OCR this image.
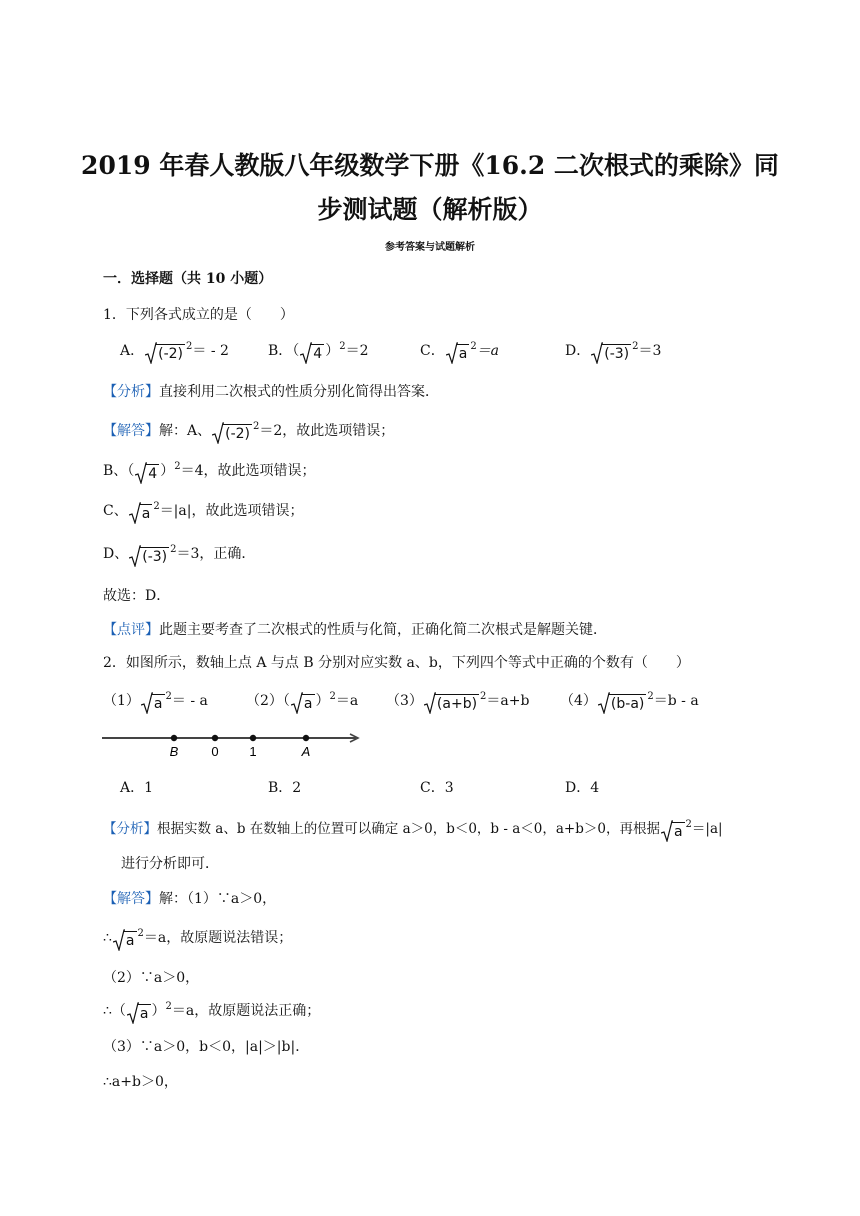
2019 年春人教版八年级数学下册《16.2 二次根式的乘除》同
步测试题（解析版）
参考答案与试题解析
一．选择题（共 10 小题）
1．下列各式成立的是（　　）
A． (-2) $^2$＝ - 2	B．（ 4 ）$^2$＝2	C． a $^2$＝a	D． (-3) $^2$＝3
【分析】直接利用二次根式的性质分别化简得出答案．
【解答】解：A、 (-2) $^2$＝2，故此选项错误；
B、（ 4 ）$^2$＝4，故此选项错误；
C、 a $^2$＝|a|，故此选项错误；
D、 (-3) $^2$＝3，正确．
故选：D．
【点评】此题主要考查了二次根式的性质与化简，正确化简二次根式是解题关键．
2．如图所示，数轴上点 A 与点 B 分别对应实数 a、b，下列四个等式中正确的个数有（　　）
（1） a $^2$＝ - a	（2）（ a ）$^2$＝a （3） (a+b) $^2$＝a+b （4） (b-a) $^2$＝b - a
B	0 1	A
A．1	B．2	C．3	D．4
【分析】根据实数 a、b 在数轴上的位置可以确定 a＞0，b＜0，b - a＜0，a+b＞0，再根据 a $^2$＝|a|
进行分析即可．
【解答】解：（1）∵a＞0，
∴ a $^2$＝a，故原题说法错误；
（2）∵a＞0，
∴（ a ）$^2$＝a，故原题说法正确；
（3）∵a＞0，b＜0，|a|＞|b|．
∴a+b＞0，
